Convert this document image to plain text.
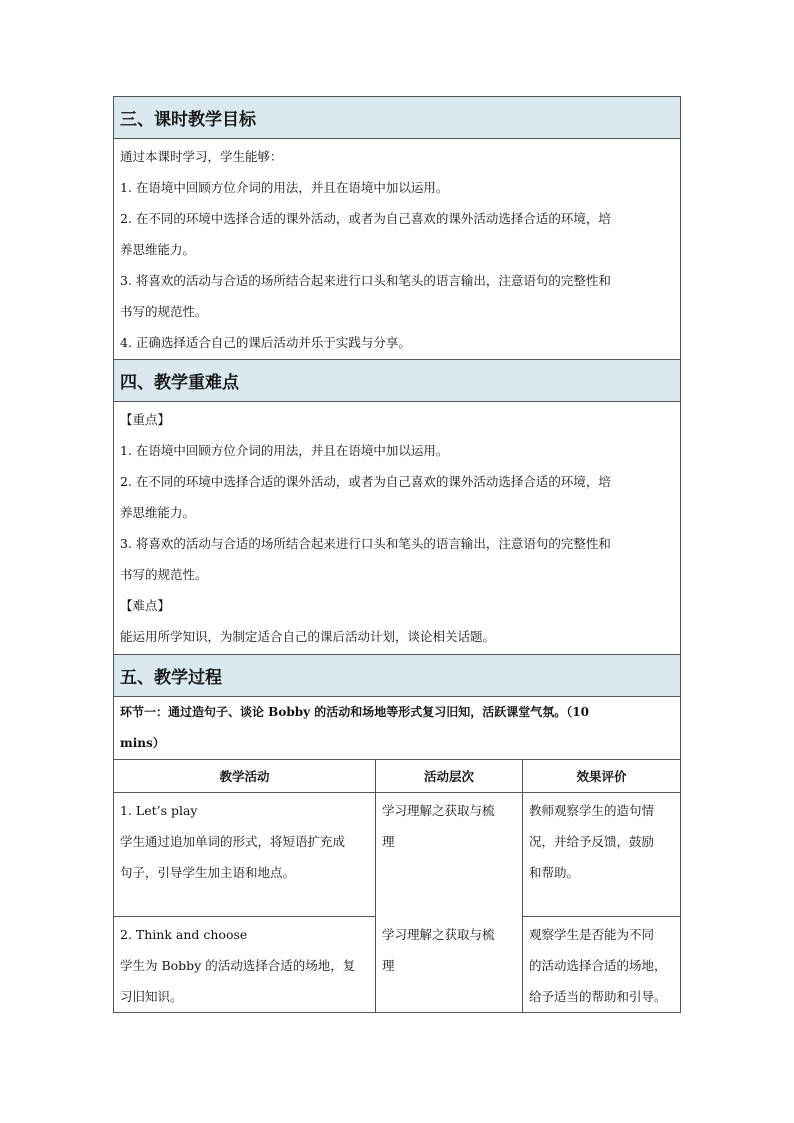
三、课时教学目标
通过本课时学习，学生能够：
1. 在语境中回顾方位介词的用法，并且在语境中加以运用。
2. 在不同的环境中选择合适的课外活动，或者为自己喜欢的课外活动选择合适的环境，培
养思维能力。
3. 将喜欢的活动与合适的场所结合起来进行口头和笔头的语言输出，注意语句的完整性和
书写的规范性。
4. 正确选择适合自己的课后活动并乐于实践与分享。
四、教学重难点
【重点】
1. 在语境中回顾方位介词的用法，并且在语境中加以运用。
2. 在不同的环境中选择合适的课外活动，或者为自己喜欢的课外活动选择合适的环境，培
养思维能力。
3. 将喜欢的活动与合适的场所结合起来进行口头和笔头的语言输出，注意语句的完整性和
书写的规范性。
【难点】
能运用所学知识，为制定适合自己的课后活动计划，谈论相关话题。
五、教学过程
环节一：通过造句子、谈论 Bobby 的活动和场地等形式复习旧知，活跃课堂气氛。（10
mins）
教学活动	活动层次	效果评价

1. Let’s play
学生通过追加单词的形式，将短语扩充成
句子，引导学生加主语和地点。	学习理解之获取与梳
理	教师观察学生的造句情
况，并给予反馈，鼓励
和帮助。

2. Think and choose
学生为 Bobby 的活动选择合适的场地，复
习旧知识。	学习理解之获取与梳
理	观察学生是否能为不同
的活动选择合适的场地，
给予适当的帮助和引导。
